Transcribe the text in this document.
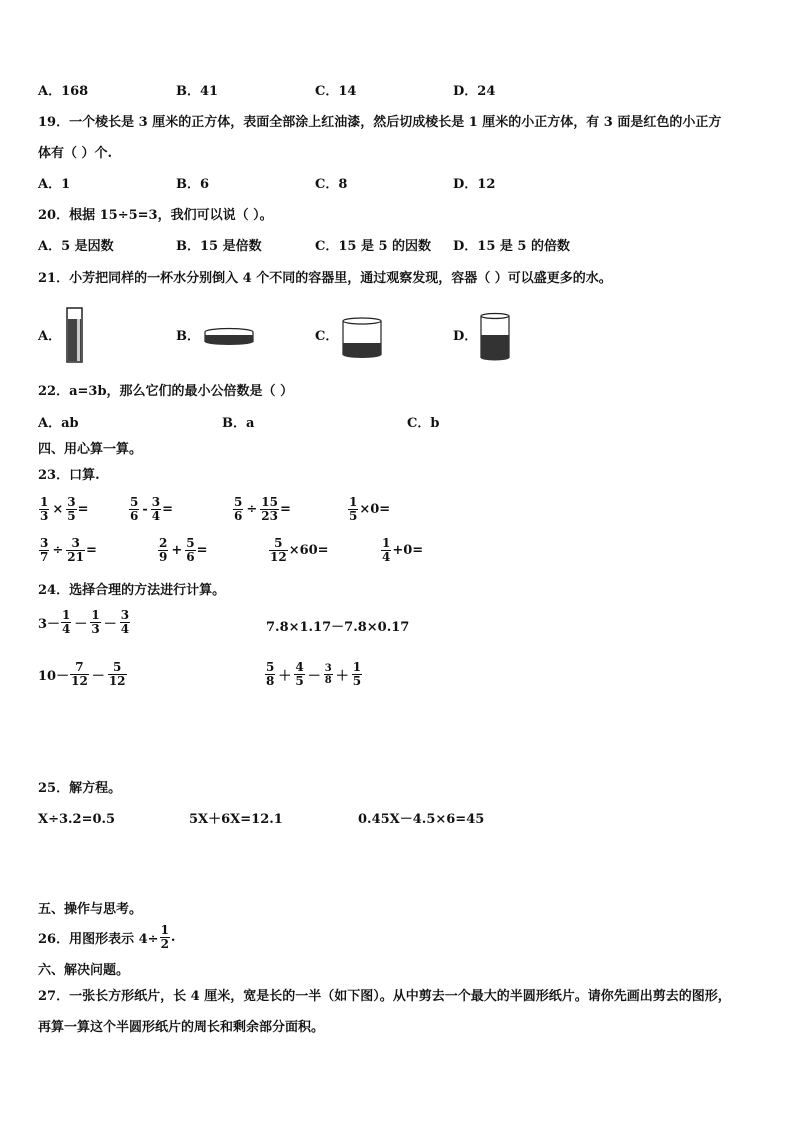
A．168	B．41	C．14	D．24
19．一个棱长是 3 厘米的正方体，表面全部涂上红油漆，然后切成棱长是 1 厘米的小正方体，有 3 面是红色的小正方
体有（ ）个.
A．1	B．6	C．8	D．12
20．根据 15÷5=3，我们可以说（ ）。
A．5 是因数	B．15 是倍数	C．15 是 5 的因数 D．15 是 5 的倍数
21．小芳把同样的一杯水分别倒入 4 个不同的容器里，通过观察发现，容器（ ）可以盛更多的水。
A．	B．	C．	D．
22．a=3b，那么它们的最小公倍数是（ ）
A．ab	B．a	C．b
四、用心算一算。
23．口算.
$\frac{1}{3} \times \frac{3}{5}$ =	$\frac{5}{6} - \frac{3}{4}$ =	$\frac{5}{6} \div \frac{15}{23}$ =	$\frac{1}{5} \times 0=$
$\frac{3}{7} \div \frac{3}{21}$ =	$\frac{2}{9} + \frac{5}{6}$ =	$\frac{5}{12} \times 60=$	$\frac{1}{4} +0=$
24．选择合理的方法进行计算。
$3- \frac{1}{4} - \frac{1}{3} - \frac{3}{4}$	7.8×1.17－7.8×0.17
$10- \frac{7}{12} - \frac{5}{12}$	$\frac{5}{8} + \frac{4}{5} - \frac{3}{8} + \frac{1}{5}$
25．解方程。
X÷3.2=0.5	5X＋6X=12.1	0.45X－4.5×6=45
五、操作与思考。
26．用图形表示 $4\div \frac{1}{2}$ .
六、解决问题。
27．一张长方形纸片，长 4 厘米，宽是长的一半（如下图）。从中剪去一个最大的半圆形纸片。请你先画出剪去的图形，
再算一算这个半圆形纸片的周长和剩余部分面积。
